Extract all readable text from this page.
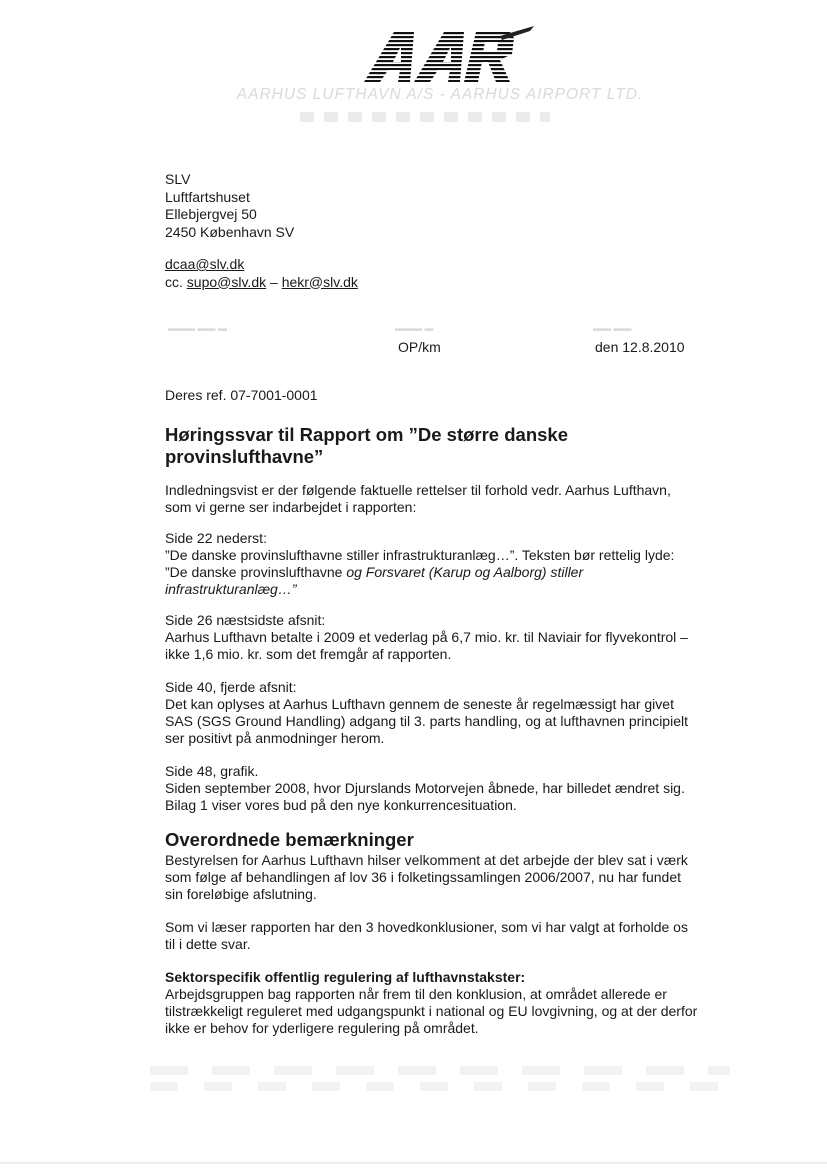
AAR
AARHUS LUFTHAVN A/S - AARHUS AIRPORT LTD.
SLV
Luftfartshuset
Ellebjergvej 50
2450 København SV
dcaa@slv.dk
cc. supo@slv.dk – hekr@slv.dk
▬▬▬ ▬▬ ▬	▬▬▬ ▬	▬▬ ▬▬
OP/km	den 12.8.2010
Deres ref. 07-7001-0001
Høringssvar til Rapport om ”De større danske provinslufthavne”

Indledningsvist er der følgende faktuelle rettelser til forhold vedr. Aarhus Lufthavn,
som vi gerne ser indarbejdet i rapporten:

Side 22 nederst:
”De danske provinslufthavne stiller infrastrukturanlæg…”. Teksten bør rettelig lyde:
”De danske provinslufthavne og Forsvaret (Karup og Aalborg) stiller
infrastrukturanlæg…”

Side 26 næstsidste afsnit:
Aarhus Lufthavn betalte i 2009 et vederlag på 6,7 mio. kr. til Naviair for flyvekontrol –
ikke 1,6 mio. kr. som det fremgår af rapporten.

Side 40, fjerde afsnit:
Det kan oplyses at Aarhus Lufthavn gennem de seneste år regelmæssigt har givet
SAS (SGS Ground Handling) adgang til 3. parts handling, og at lufthavnen principielt
ser positivt på anmodninger herom.

Side 48, grafik.
Siden september 2008, hvor Djurslands Motorvejen åbnede, har billedet ændret sig.
Bilag 1 viser vores bud på den nye konkurrencesituation.

Overordnede bemærkninger

Bestyrelsen for Aarhus Lufthavn hilser velkomment at det arbejde der blev sat i værk
som følge af behandlingen af lov 36 i folketingssamlingen 2006/2007, nu har fundet
sin foreløbige afslutning.

Som vi læser rapporten har den 3 hovedkonklusioner, som vi har valgt at forholde os
til i dette svar.

Sektorspecifik offentlig regulering af lufthavnstakster:

Arbejdsgruppen bag rapporten når frem til den konklusion, at området allerede er
tilstrækkeligt reguleret med udgangspunkt i national og EU lovgivning, og at der derfor
ikke er behov for yderligere regulering på området.
